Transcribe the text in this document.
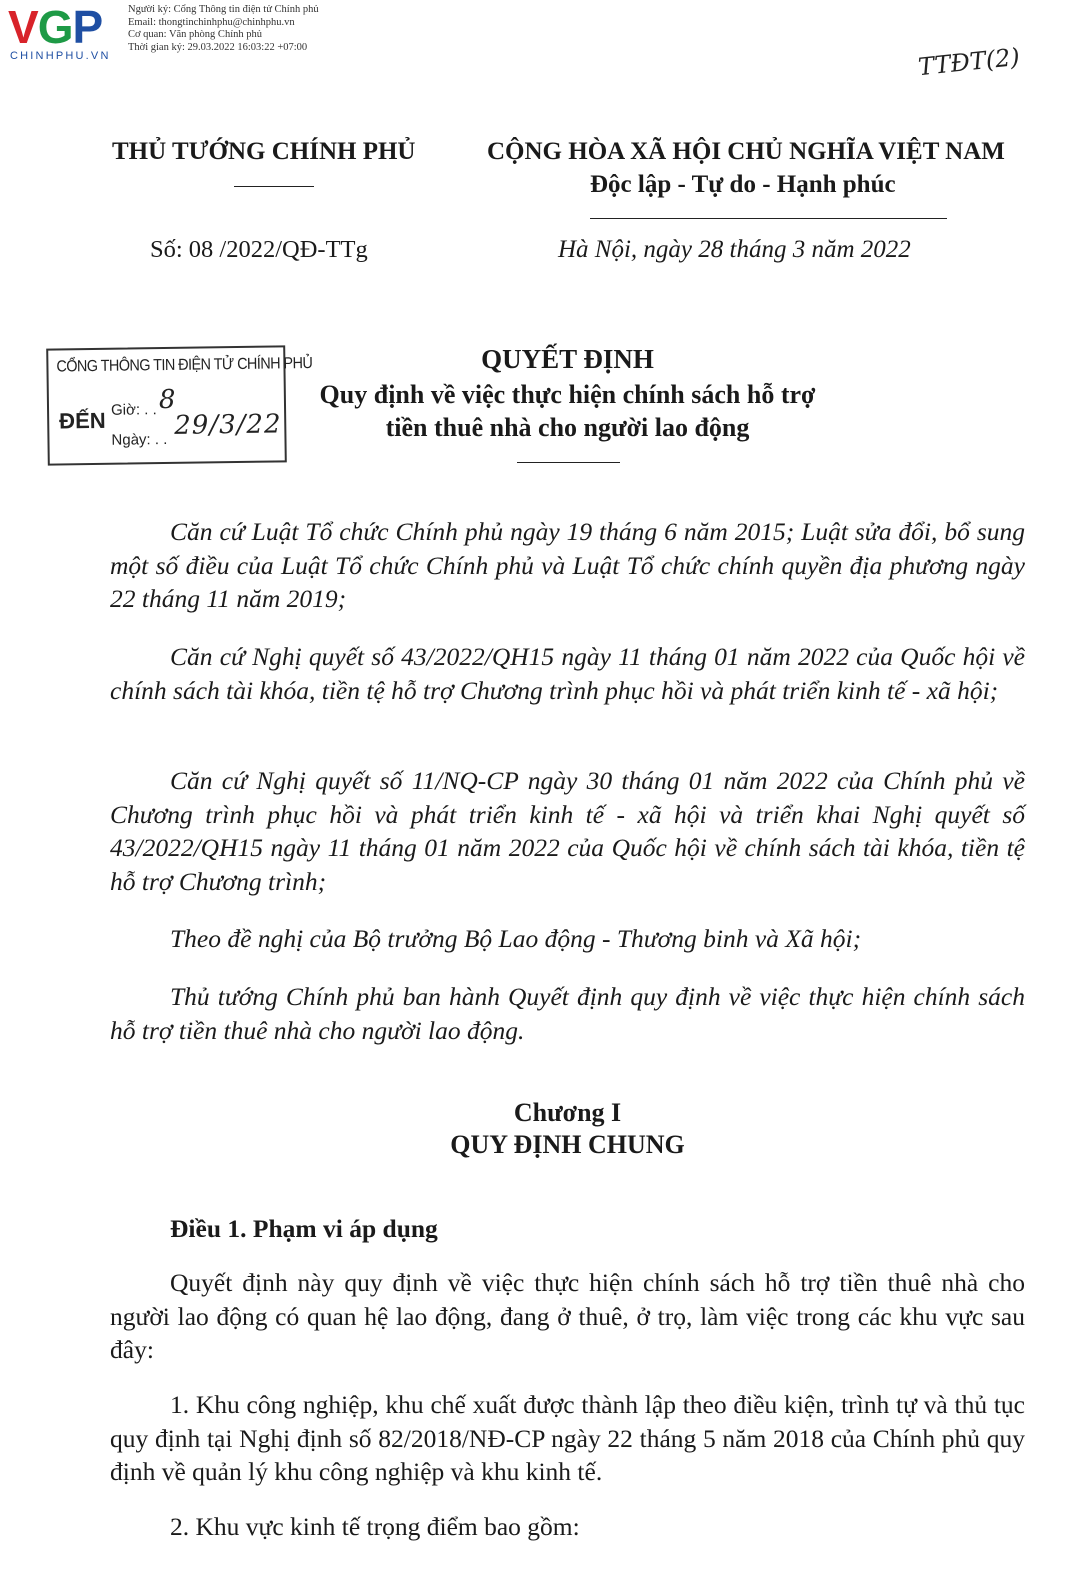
VGP
CHINHPHU.VN
Người ký: Cổng Thông tin điện tử Chính phủ
Email: thongtinchinhphu@chinhphu.vn
Cơ quan: Văn phòng Chính phủ
Thời gian ký: 29.03.2022 16:03:22 +07:00	TTĐT(2)
THỦ TƯỚNG CHÍNH PHỦ	CỘNG HÒA XÃ HỘI CHỦ NGHĨA VIỆT NAM
Độc lập - Tự do - Hạnh phúc
Số: 08 /2022/QĐ-TTg	Hà Nội, ngày 28 tháng 3 năm 2022
CỔNG THÔNG TIN ĐIỆN TỬ CHÍNH PHỦ
ĐẾN Giờ: . . 8
Ngày: . . 29/3/22
QUYẾT ĐỊNH
Quy định về việc thực hiện chính sách hỗ trợ
tiền thuê nhà cho người lao động
Căn cứ Luật Tổ chức Chính phủ ngày 19 tháng 6 năm 2015; Luật sửa đổi, bổ sung một số điều của Luật Tổ chức Chính phủ và Luật Tổ chức chính quyền địa phương ngày 22 tháng 11 năm 2019;
Căn cứ Nghị quyết số 43/2022/QH15 ngày 11 tháng 01 năm 2022 của Quốc hội về chính sách tài khóa, tiền tệ hỗ trợ Chương trình phục hồi và phát triển kinh tế - xã hội;
Căn cứ Nghị quyết số 11/NQ-CP ngày 30 tháng 01 năm 2022 của Chính phủ về Chương trình phục hồi và phát triển kinh tế - xã hội và triển khai Nghị quyết số 43/2022/QH15 ngày 11 tháng 01 năm 2022 của Quốc hội về chính sách tài khóa, tiền tệ hỗ trợ Chương trình;
Theo đề nghị của Bộ trưởng Bộ Lao động - Thương binh và Xã hội;
Thủ tướng Chính phủ ban hành Quyết định quy định về việc thực hiện chính sách hỗ trợ tiền thuê nhà cho người lao động.
Chương I
QUY ĐỊNH CHUNG
Điều 1. Phạm vi áp dụng
Quyết định này quy định về việc thực hiện chính sách hỗ trợ tiền thuê nhà cho người lao động có quan hệ lao động, đang ở thuê, ở trọ, làm việc trong các khu vực sau đây:
1. Khu công nghiệp, khu chế xuất được thành lập theo điều kiện, trình tự và thủ tục quy định tại Nghị định số 82/2018/NĐ-CP ngày 22 tháng 5 năm 2018 của Chính phủ quy định về quản lý khu công nghiệp và khu kinh tế.
2. Khu vực kinh tế trọng điểm bao gồm:
